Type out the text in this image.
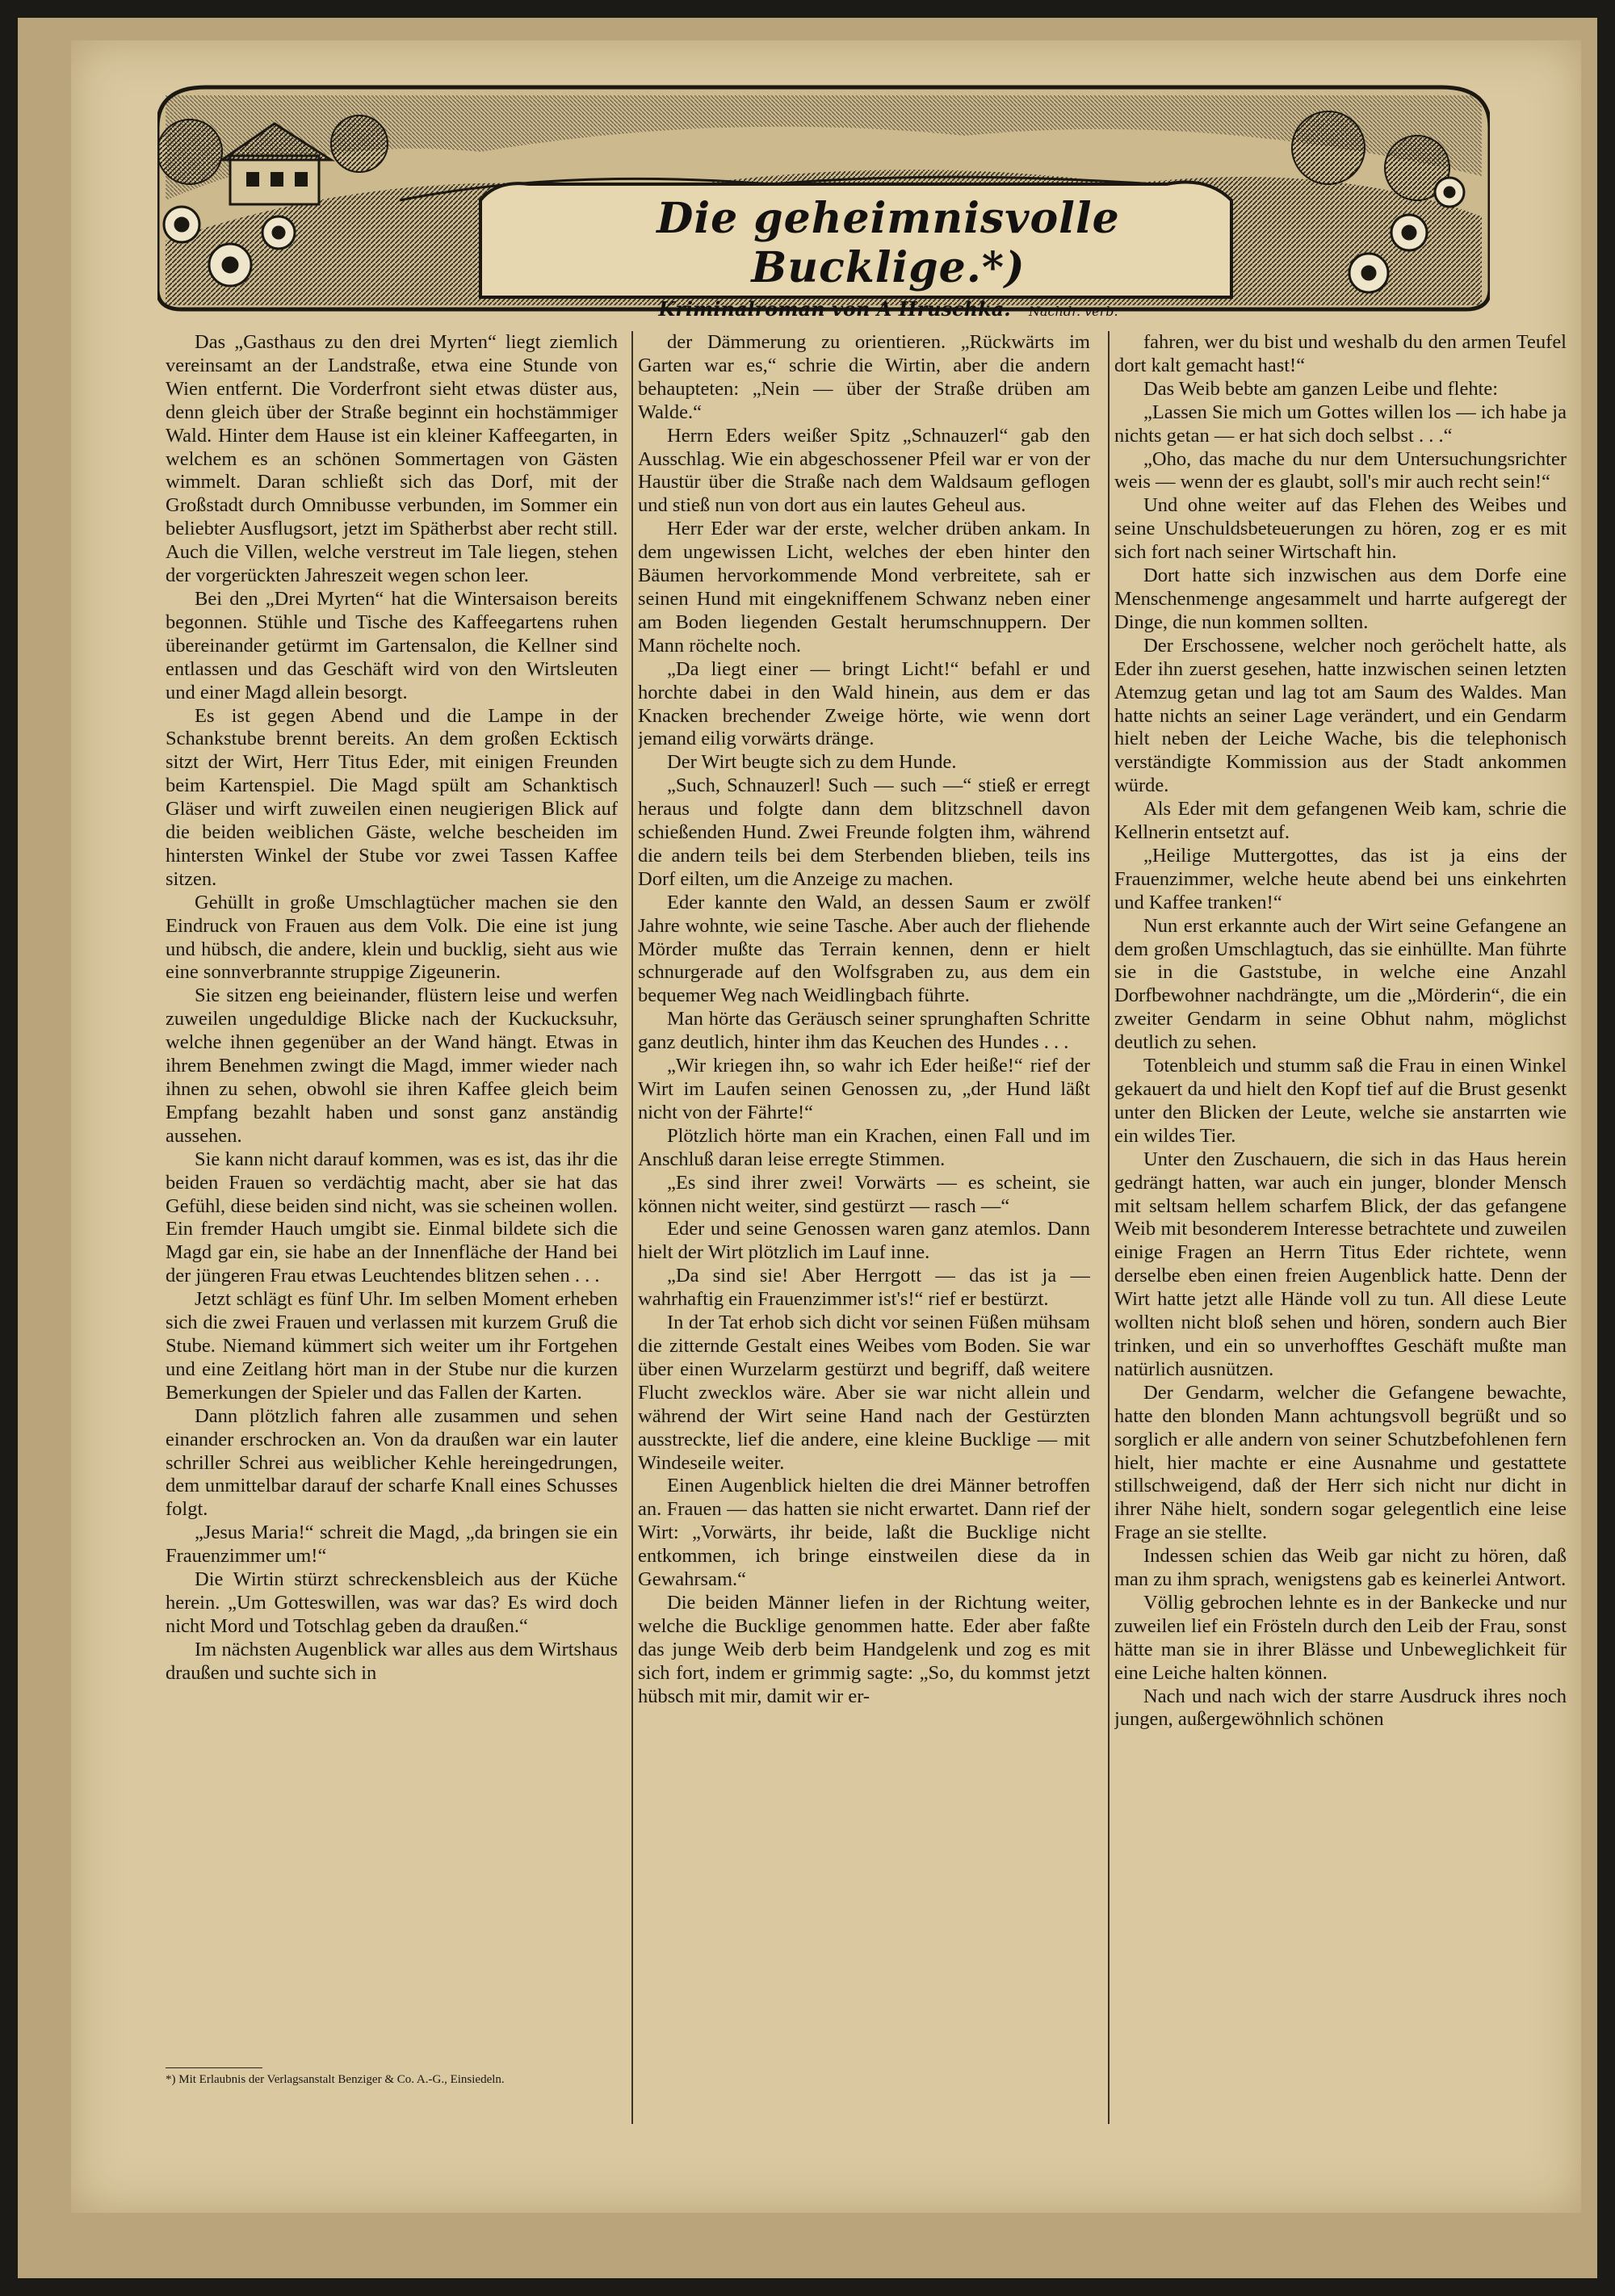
Die geheimnisvolle Bucklige.*)
Kriminalroman von A Hruschka. Nachdr. verb.

Das „Gasthaus zu den drei Myrten“ liegt ziemlich vereinsamt an der Landstraße, etwa eine Stunde von Wien entfernt. Die Vorderfront sieht etwas düster aus, denn gleich über der Straße beginnt ein hochstämmiger Wald. Hinter dem Hause ist ein kleiner Kaffeegarten, in welchem es an schönen Sommertagen von Gästen wimmelt. Daran schließt sich das Dorf, mit der Großstadt durch Omnibusse verbunden, im Sommer ein beliebter Ausflugsort, jetzt im Spätherbst aber recht still. Auch die Villen, welche verstreut im Tale liegen, stehen der vorgerückten Jahreszeit wegen schon leer.

Bei den „Drei Myrten“ hat die Wintersaison bereits begonnen. Stühle und Tische des Kaffeegartens ruhen übereinander getürmt im Gartensalon, die Kellner sind entlassen und das Geschäft wird von den Wirtsleuten und einer Magd allein besorgt.

Es ist gegen Abend und die Lampe in der Schankstube brennt bereits. An dem großen Ecktisch sitzt der Wirt, Herr Titus Eder, mit einigen Freunden beim Kartenspiel. Die Magd spült am Schanktisch Gläser und wirft zuweilen einen neugierigen Blick auf die beiden weiblichen Gäste, welche bescheiden im hintersten Winkel der Stube vor zwei Tassen Kaffee sitzen.

Gehüllt in große Umschlagtücher machen sie den Eindruck von Frauen aus dem Volk. Die eine ist jung und hübsch, die andere, klein und bucklig, sieht aus wie eine sonnverbrannte struppige Zigeunerin.

Sie sitzen eng beieinander, flüstern leise und werfen zuweilen ungeduldige Blicke nach der Kuckucksuhr, welche ihnen gegenüber an der Wand hängt. Etwas in ihrem Benehmen zwingt die Magd, immer wieder nach ihnen zu sehen, obwohl sie ihren Kaffee gleich beim Empfang bezahlt haben und sonst ganz anständig aussehen.

Sie kann nicht darauf kommen, was es ist, das ihr die beiden Frauen so verdächtig macht, aber sie hat das Gefühl, diese beiden sind nicht, was sie scheinen wollen. Ein fremder Hauch umgibt sie. Einmal bildete sich die Magd gar ein, sie habe an der Innenfläche der Hand bei der jüngeren Frau etwas Leuchtendes blitzen sehen . . .

Jetzt schlägt es fünf Uhr. Im selben Moment erheben sich die zwei Frauen und verlassen mit kurzem Gruß die Stube. Niemand kümmert sich weiter um ihr Fortgehen und eine Zeitlang hört man in der Stube nur die kurzen Bemerkungen der Spieler und das Fallen der Karten.

Dann plötzlich fahren alle zusammen und sehen einander erschrocken an. Von da draußen war ein lauter schriller Schrei aus weiblicher Kehle hereingedrungen, dem unmittelbar darauf der scharfe Knall eines Schusses folgt.

„Jesus Maria!“ schreit die Magd, „da bringen sie ein Frauenzimmer um!“

Die Wirtin stürzt schreckensbleich aus der Küche herein. „Um Gotteswillen, was war das? Es wird doch nicht Mord und Totschlag geben da draußen.“

Im nächsten Augenblick war alles aus dem Wirtshaus draußen und suchte sich in

der Dämmerung zu orientieren. „Rückwärts im Garten war es,“ schrie die Wirtin, aber die andern behaupteten: „Nein — über der Straße drüben am Walde.“

Herrn Eders weißer Spitz „Schnauzerl“ gab den Ausschlag. Wie ein abgeschossener Pfeil war er von der Haustür über die Straße nach dem Waldsaum geflogen und stieß nun von dort aus ein lautes Geheul aus.

Herr Eder war der erste, welcher drüben ankam. In dem ungewissen Licht, welches der eben hinter den Bäumen hervorkommende Mond verbreitete, sah er seinen Hund mit eingekniffenem Schwanz neben einer am Boden liegenden Gestalt herumschnuppern. Der Mann röchelte noch.

„Da liegt einer — bringt Licht!“ befahl er und horchte dabei in den Wald hinein, aus dem er das Knacken brechender Zweige hörte, wie wenn dort jemand eilig vorwärts dränge.

Der Wirt beugte sich zu dem Hunde.

„Such, Schnauzerl! Such — such —“ stieß er erregt heraus und folgte dann dem blitzschnell davon schießenden Hund. Zwei Freunde folgten ihm, während die andern teils bei dem Sterbenden blieben, teils ins Dorf eilten, um die Anzeige zu machen.

Eder kannte den Wald, an dessen Saum er zwölf Jahre wohnte, wie seine Tasche. Aber auch der fliehende Mörder mußte das Terrain kennen, denn er hielt schnurgerade auf den Wolfsgraben zu, aus dem ein bequemer Weg nach Weidlingbach führte.

Man hörte das Geräusch seiner sprunghaften Schritte ganz deutlich, hinter ihm das Keuchen des Hundes . . .

„Wir kriegen ihn, so wahr ich Eder heiße!“ rief der Wirt im Laufen seinen Genossen zu, „der Hund läßt nicht von der Fährte!“

Plötzlich hörte man ein Krachen, einen Fall und im Anschluß daran leise erregte Stimmen.

„Es sind ihrer zwei! Vorwärts — es scheint, sie können nicht weiter, sind gestürzt — rasch —“

Eder und seine Genossen waren ganz atemlos. Dann hielt der Wirt plötzlich im Lauf inne.

„Da sind sie! Aber Herrgott — das ist ja — wahrhaftig ein Frauenzimmer ist's!“ rief er bestürzt.

In der Tat erhob sich dicht vor seinen Füßen mühsam die zitternde Gestalt eines Weibes vom Boden. Sie war über einen Wurzelarm gestürzt und begriff, daß weitere Flucht zwecklos wäre. Aber sie war nicht allein und während der Wirt seine Hand nach der Gestürzten ausstreckte, lief die andere, eine kleine Bucklige — mit Windeseile weiter.

Einen Augenblick hielten die drei Männer betroffen an. Frauen — das hatten sie nicht erwartet. Dann rief der Wirt: „Vorwärts, ihr beide, laßt die Bucklige nicht entkommen, ich bringe einstweilen diese da in Gewahrsam.“

Die beiden Männer liefen in der Richtung weiter, welche die Bucklige genommen hatte. Eder aber faßte das junge Weib derb beim Handgelenk und zog es mit sich fort, indem er grimmig sagte: „So, du kommst jetzt hübsch mit mir, damit wir er-

fahren, wer du bist und weshalb du den armen Teufel dort kalt gemacht hast!“

Das Weib bebte am ganzen Leibe und flehte:

„Lassen Sie mich um Gottes willen los — ich habe ja nichts getan — er hat sich doch selbst . . .“

„Oho, das mache du nur dem Untersuchungsrichter weis — wenn der es glaubt, soll's mir auch recht sein!“

Und ohne weiter auf das Flehen des Weibes und seine Unschuldsbeteuerungen zu hören, zog er es mit sich fort nach seiner Wirtschaft hin.

Dort hatte sich inzwischen aus dem Dorfe eine Menschenmenge angesammelt und harrte aufgeregt der Dinge, die nun kommen sollten.

Der Erschossene, welcher noch geröchelt hatte, als Eder ihn zuerst gesehen, hatte inzwischen seinen letzten Atemzug getan und lag tot am Saum des Waldes. Man hatte nichts an seiner Lage verändert, und ein Gendarm hielt neben der Leiche Wache, bis die telephonisch verständigte Kommission aus der Stadt ankommen würde.

Als Eder mit dem gefangenen Weib kam, schrie die Kellnerin entsetzt auf.

„Heilige Muttergottes, das ist ja eins der Frauenzimmer, welche heute abend bei uns einkehrten und Kaffee tranken!“

Nun erst erkannte auch der Wirt seine Gefangene an dem großen Umschlagtuch, das sie einhüllte. Man führte sie in die Gaststube, in welche eine Anzahl Dorfbewohner nachdrängte, um die „Mörderin“, die ein zweiter Gendarm in seine Obhut nahm, möglichst deutlich zu sehen.

Totenbleich und stumm saß die Frau in einen Winkel gekauert da und hielt den Kopf tief auf die Brust gesenkt unter den Blicken der Leute, welche sie anstarrten wie ein wildes Tier.

Unter den Zuschauern, die sich in das Haus herein gedrängt hatten, war auch ein junger, blonder Mensch mit seltsam hellem scharfem Blick, der das gefangene Weib mit besonderem Interesse betrachtete und zuweilen einige Fragen an Herrn Titus Eder richtete, wenn derselbe eben einen freien Augenblick hatte. Denn der Wirt hatte jetzt alle Hände voll zu tun. All diese Leute wollten nicht bloß sehen und hören, sondern auch Bier trinken, und ein so unverhofftes Geschäft mußte man natürlich ausnützen.

Der Gendarm, welcher die Gefangene bewachte, hatte den blonden Mann achtungsvoll begrüßt und so sorglich er alle andern von seiner Schutzbefohlenen fern hielt, hier machte er eine Ausnahme und gestattete stillschweigend, daß der Herr sich nicht nur dicht in ihrer Nähe hielt, sondern sogar gelegentlich eine leise Frage an sie stellte.

Indessen schien das Weib gar nicht zu hören, daß man zu ihm sprach, wenigstens gab es keinerlei Antwort.

Völlig gebrochen lehnte es in der Bankecke und nur zuweilen lief ein Frösteln durch den Leib der Frau, sonst hätte man sie in ihrer Blässe und Unbeweglichkeit für eine Leiche halten können.

Nach und nach wich der starre Ausdruck ihres noch jungen, außergewöhnlich schönen

*) Mit Erlaubnis der Verlagsanstalt Benziger & Co. A.-G., Einsiedeln.
